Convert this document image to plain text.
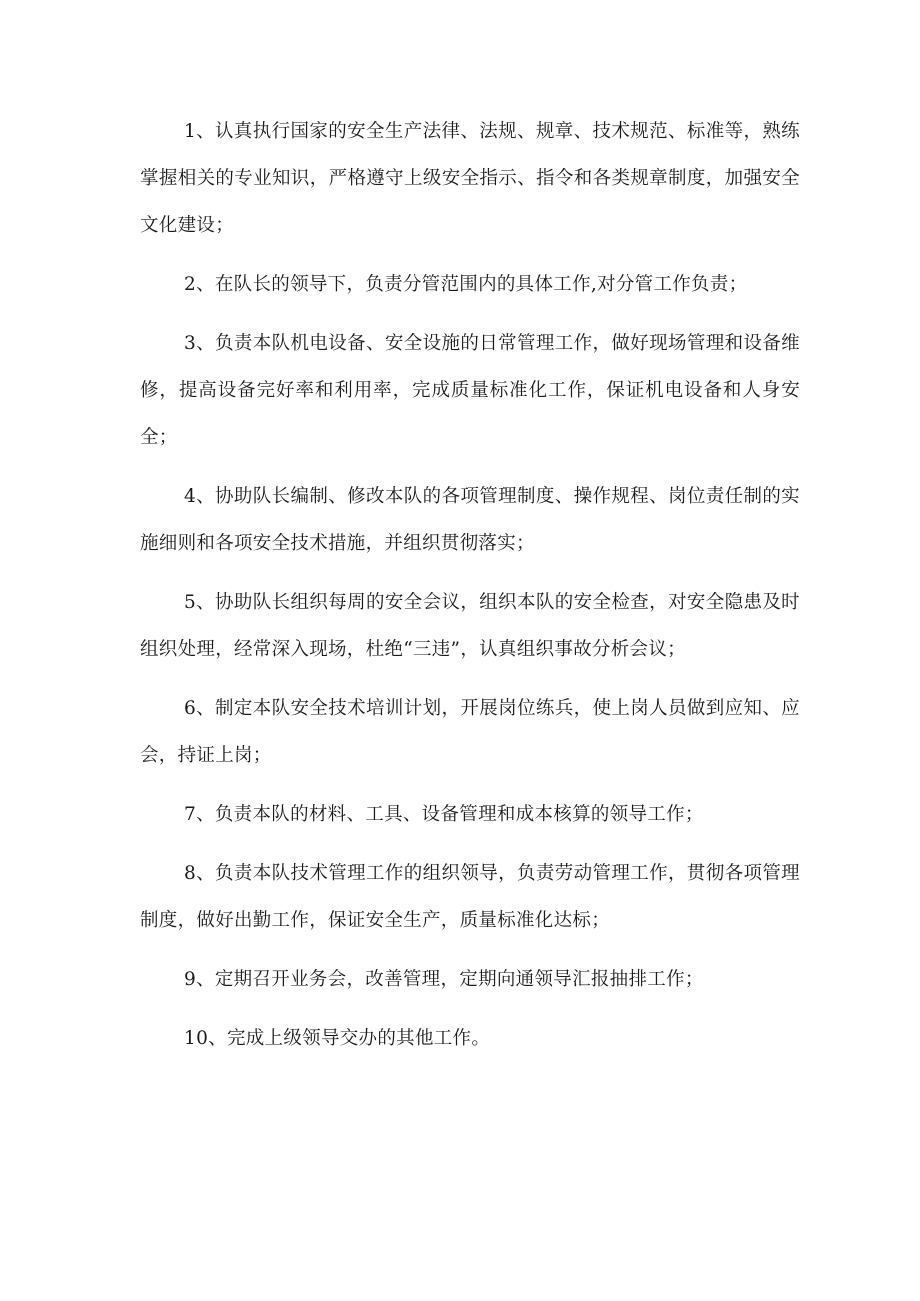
1、认真执行国家的安全生产法律、法规、规章、技术规范、标准等，熟练掌握相关的专业知识，严格遵守上级安全指示、指令和各类规章制度，加强安全文化建设；

2、在队长的领导下，负责分管范围内的具体工作,对分管工作负责；

3、负责本队机电设备、安全设施的日常管理工作，做好现场管理和设备维修，提高设备完好率和利用率，完成质量标准化工作，保证机电设备和人身安全；

4、协助队长编制、修改本队的各项管理制度、操作规程、岗位责任制的实施细则和各项安全技术措施，并组织贯彻落实；

5、协助队长组织每周的安全会议，组织本队的安全检查，对安全隐患及时组织处理，经常深入现场，杜绝“三违”，认真组织事故分析会议；

6、制定本队安全技术培训计划，开展岗位练兵，使上岗人员做到应知、应会，持证上岗；

7、负责本队的材料、工具、设备管理和成本核算的领导工作；

8、负责本队技术管理工作的组织领导，负责劳动管理工作，贯彻各项管理制度，做好出勤工作，保证安全生产，质量标准化达标；

9、定期召开业务会，改善管理，定期向通领导汇报抽排工作；

10、完成上级领导交办的其他工作。
